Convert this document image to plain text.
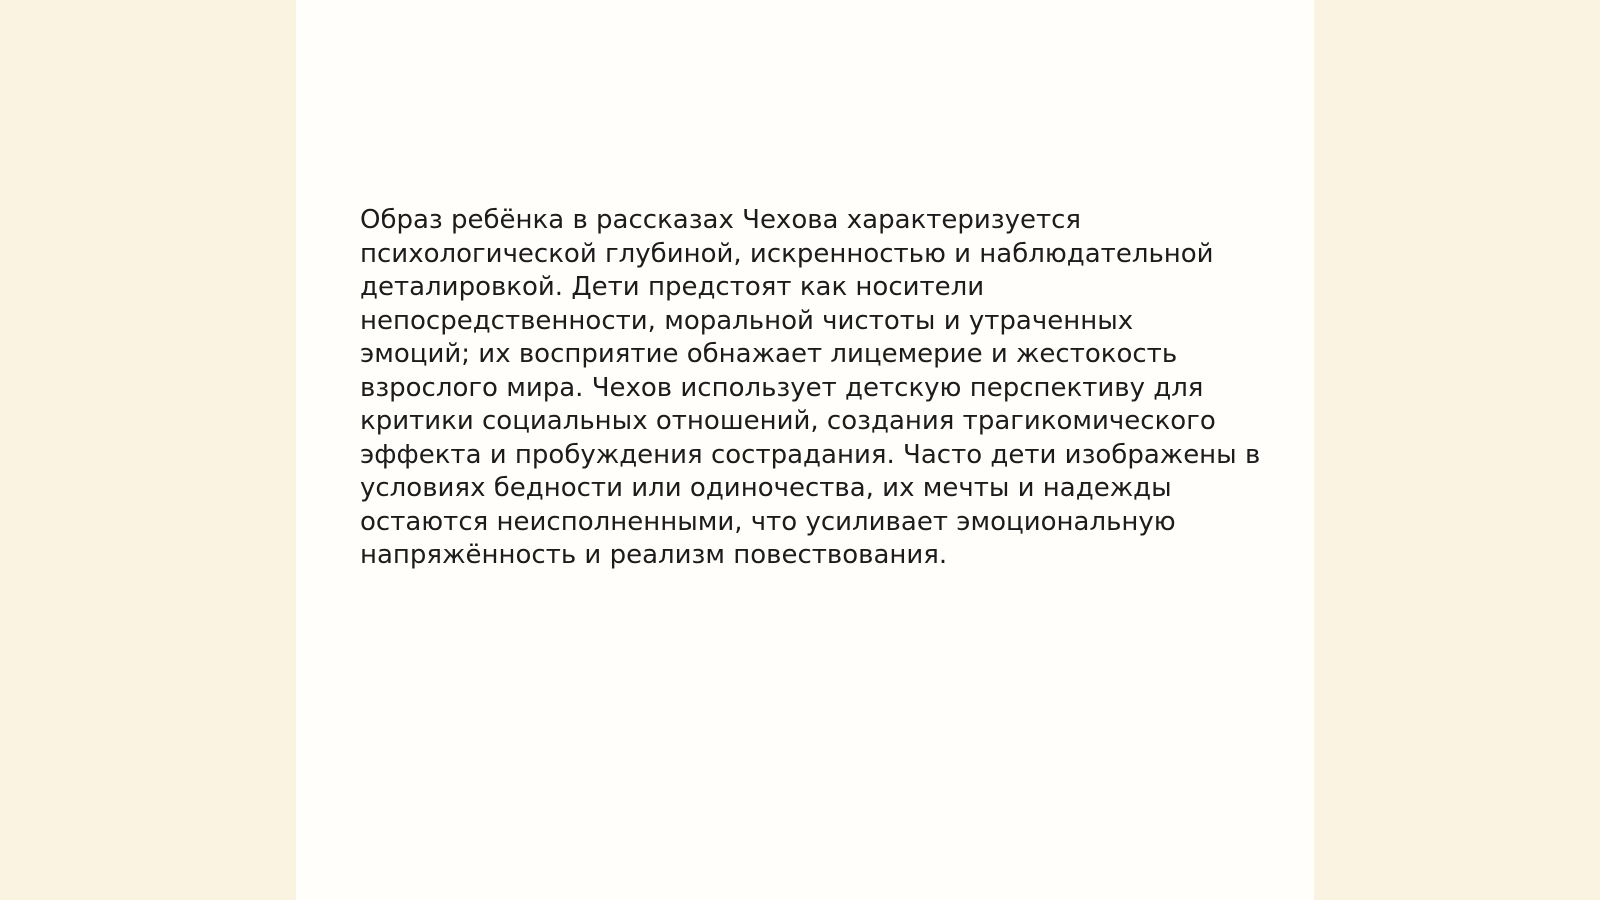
Образ ребёнка в рассказах Чехова характеризуется
психологической глубиной, искренностью и наблюдательной
деталировкой. Дети предстоят как носители
непосредственности, моральной чистоты и утраченных
эмоций; их восприятие обнажает лицемерие и жестокость
взрослого мира. Чехов использует детскую перспективу для
критики социальных отношений, создания трагикомического
эффекта и пробуждения сострадания. Часто дети изображены в
условиях бедности или одиночества, их мечты и надежды
остаются неисполненными, что усиливает эмоциональную
напряжённость и реализм повествования.
